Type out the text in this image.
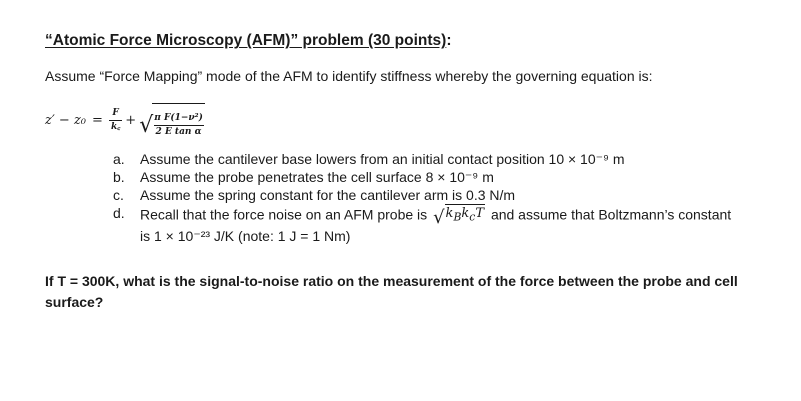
“Atomic Force Microscopy (AFM)” problem (30 points):
Assume “Force Mapping” mode of the AFM to identify stiffness whereby the governing equation is:
$z' - z_0 = \frac{F}{k꜀}$ + √ $\frac{\text{π F(1−ν²)}}{\text{2 E tan α}}$
a. Assume the cantilever base lowers from an initial contact position 10 × 10⁻⁹ m
b. Assume the probe penetrates the cell surface 8 × 10⁻⁹ m
c. Assume the spring constant for the cantilever arm is 0.3 N/m
d. Recall that the force noise on an AFM probe is √ $k_Bk_cT$ and assume that Boltzmann’s constant
is 1 × 10⁻²³ J/K (note: 1 J = 1 Nm)
If T = 300K, what is the signal-to-noise ratio on the measurement of the force between the probe and cell surface?
